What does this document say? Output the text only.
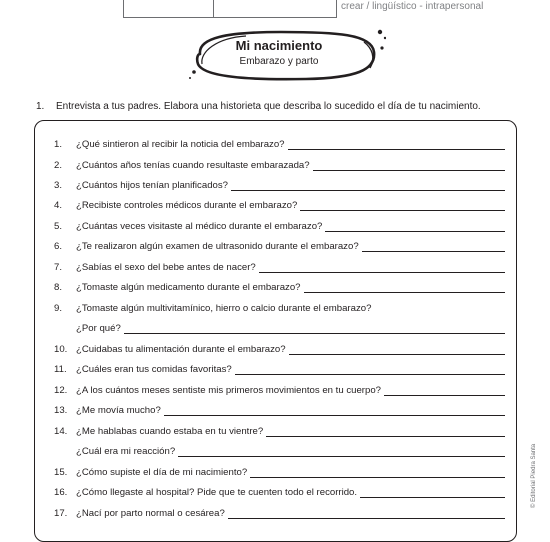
crear / lingüístico - intrapersonal
Mi nacimiento
Embarazo y parto
1. Entrevista a tus padres. Elabora una historieta que describa lo sucedido el día de tu nacimiento.
1.	¿Qué sintieron al recibir la noticia del embarazo?
2.	¿Cuántos años tenías cuando resultaste embarazada?
3.	¿Cuántos hijos tenían planificados?
4.	¿Recibiste controles médicos durante el embarazo?
5.	¿Cuántas veces visitaste al médico durante el embarazo?
6.	¿Te realizaron algún examen de ultrasonido durante el embarazo?
7.	¿Sabías el sexo del bebe antes de nacer?
8.	¿Tomaste algún medicamento durante el embarazo?
9.	¿Tomaste algún multivitamínico, hierro o calcio durante el embarazo?
¿Por qué?
10. ¿Cuidabas tu alimentación durante el embarazo?
11. ¿Cuáles eran tus comidas favoritas?
12. ¿A los cuántos meses sentiste mis primeros movimientos en tu cuerpo?
13. ¿Me movía mucho?
14. ¿Me hablabas cuando estaba en tu vientre?
¿Cuál era mi reacción?
15. ¿Cómo supiste el día de mi nacimiento?
16. ¿Cómo llegaste al hospital? Pide que te cuenten todo el recorrido.
17. ¿Nací por parto normal o cesárea?
© Editorial Piedra Santa
